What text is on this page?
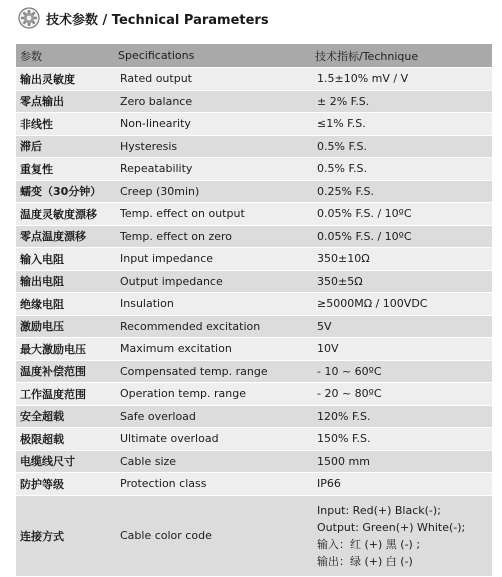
技术参数 / Technical Parameters
参数	Specifications	技术指标/Technique
输出灵敏度	Rated output	1.5±10% mV / V
零点输出	Zero balance	± 2% F.S.
非线性	Non-linearity	≤1% F.S.
滞后	Hysteresis	0.5% F.S.
重复性	Repeatability	0.5% F.S.
蠕变（30分钟）	Creep (30min)	0.25% F.S.
温度灵敏度漂移	Temp. effect on output	0.05% F.S. / 10ºC
零点温度漂移	Temp. effect on zero	0.05% F.S. / 10ºC
输入电阻	Input impedance	350±10Ω
输出电阻	Output impedance	350±5Ω
绝缘电阻	Insulation	≥5000MΩ / 100VDC
激励电压	Recommended excitation	5V
最大激励电压	Maximum excitation	10V
温度补偿范围	Compensated temp. range	- 10 ~ 60ºC
工作温度范围	Operation temp. range	- 20 ~ 80ºC
安全超载	Safe overload	120% F.S.
极限超载	Ultimate overload	150% F.S.
电缆线尺寸	Cable size	1500 mm
防护等级	Protection class	IP66
连接方式	Cable color code	Input: Red(+) Black(-);
Output: Green(+) White(-);
输入：红 (+) 黑 (-) ;
输出：绿 (+) 白 (-)
